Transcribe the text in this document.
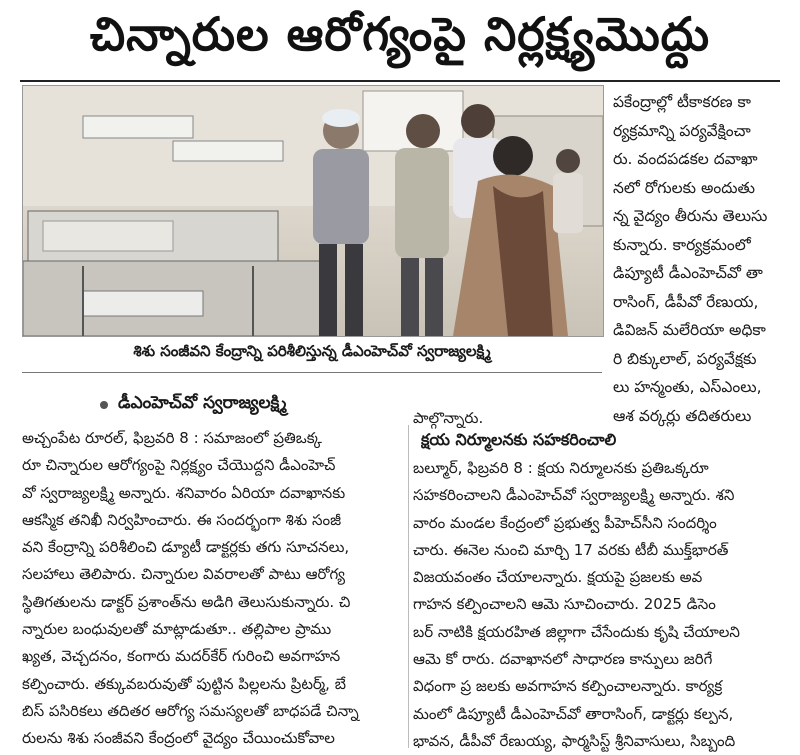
చిన్నారుల ఆరోగ్యంపై నిర్లక్ష్యమొద్దు
శిశు సంజీవని కేంద్రాన్ని పరిశీలిస్తున్న డీఎంహెచ్‌వో స్వరాజ్యలక్ష్మి
పకేంద్రాల్లో టీకాకరణ కా
ర్యక్రమాన్ని పర్యవేక్షించా
రు. వందపడకల దవాఖా
నలో రోగులకు అందుతు
న్న వైద్యం తీరును తెలుసు
కున్నారు. కార్యక్రమంలో
డిప్యూటీ డీఎంహెచ్‌వో తా
రాసింగ్, డీపీవో రేణుయ,
డివిజన్ మలేరియా అధికా
రి బిక్కులాల్, పర్యవేక్షకు
లు హన్మంతు, ఎస్‌ఎంలు,
ఆశ వర్కర్లు తదితరులు
డీఎంహెచ్‌వో స్వరాజ్యలక్ష్మి
అచ్చంపేట రూరల్, ఫిబ్రవరి 8 : సమాజంలో ప్రతిఒక్క
రూ చిన్నారుల ఆరోగ్యంపై నిర్లక్ష్యం చేయొద్దని డీఎంహెచ్
వో స్వరాజ్యలక్ష్మి అన్నారు. శనివారం ఏరియా దవాఖానకు
ఆకస్మిక తనిఖీ నిర్వహించారు. ఈ సందర్భంగా శిశు సంజీ
వని కేంద్రాన్ని పరిశీలించి డ్యూటీ డాక్టర్లకు తగు సూచనలు,
సలహాలు తెలిపారు. చిన్నారుల వివరాలతో పాటు ఆరోగ్య
స్థితిగతులను డాక్టర్ ప్రశాంత్‌ను అడిగి తెలుసుకున్నారు. చి
న్నారుల బంధువులతో మాట్లాడుతూ.. తల్లిపాల ప్రాము
ఖ్యత, వెచ్చదనం, కంగారు మదర్‌కేర్ గురించి అవగాహన
కల్పించారు. తక్కువబరువుతో పుట్టిన పిల్లలను ప్రిటర్మ్, బే
బిస్ పసిరికలు తదితర ఆరోగ్య సమస్యలతో బాధపడే చిన్నా
రులను శిశు సంజీవని కేంద్రంలో వైద్యం చేయించుకోవాల
పాల్గొన్నారు.
క్షయ నిర్మూలనకు సహకరించాలి
బల్మూర్, ఫిబ్రవరి 8 : క్షయ నిర్మూలనకు ప్రతిఒక్కరూ
సహకరించాలని డీఎంహెచ్‌వో స్వరాజ్యలక్ష్మి అన్నారు. శని
వారం మండల కేంద్రంలో ప్రభుత్వ పీహెచ్‌సీని సందర్శిం
చారు. ఈనెల నుంచి మార్చి 17 వరకు టీబీ ముక్త్‌భారత్
విజయవంతం చేయాలన్నారు. క్షయపై ప్రజలకు అవ
గాహన కల్పించాలని ఆమె సూచించారు. 2025 డిసెం
బర్ నాటికి క్షయరహిత జిల్లాగా చేసేందుకు కృషి చేయాలని
ఆమె కో రారు. దవాఖానలో సాధారణ కాన్పులు జరిగే
విధంగా ప్ర జలకు అవగాహన కల్పించాలన్నారు. కార్యక్ర
మంలో డిప్యూటీ డీఎంహెచ్‌వో తారాసింగ్, డాక్టర్లు కల్పన,
భావన, డీపీవో రేణుయ్య, ఫార్మసిస్ట్ శ్రీనివాసులు, సిబ్బంది
